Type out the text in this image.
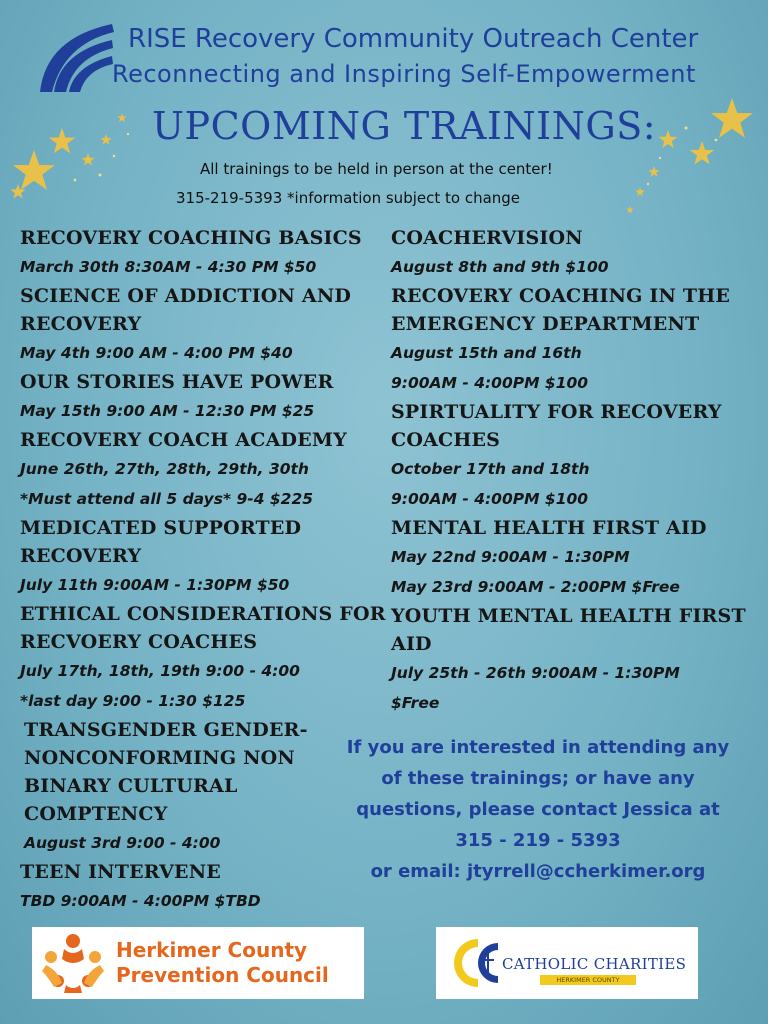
RISE Recovery Community Outreach Center
Reconnecting and Inspiring Self-Empowerment
UPCOMING TRAININGS:
All trainings to be held in person at the center!
315-219-5393 *information subject to change
RECOVERY COACHING BASICS
March 30th 8:30AM - 4:30 PM $50
SCIENCE OF ADDICTION AND RECOVERY
May 4th 9:00 AM - 4:00 PM $40
OUR STORIES HAVE POWER
May 15th 9:00 AM - 12:30 PM $25
RECOVERY COACH ACADEMY
June 26th, 27th, 28th, 29th, 30th
*Must attend all 5 days* 9-4 $225
MEDICATED SUPPORTED RECOVERY
July 11th 9:00AM - 1:30PM $50
ETHICAL CONSIDERATIONS FOR RECVOERY COACHES
July 17th, 18th, 19th 9:00 - 4:00
*last day 9:00 - 1:30 $125
TRANSGENDER GENDER-NONCONFORMING NON BINARY CULTURAL COMPTENCY
August 3rd 9:00 - 4:00
TEEN INTERVENE
TBD 9:00AM - 4:00PM $TBD
COACHERVISION
August 8th and 9th $100
RECOVERY COACHING IN THE EMERGENCY DEPARTMENT
August 15th and 16th
9:00AM - 4:00PM $100
SPIRTUALITY FOR RECOVERY COACHES
October 17th and 18th
9:00AM - 4:00PM $100
MENTAL HEALTH FIRST AID
May 22nd 9:00AM - 1:30PM
May 23rd 9:00AM - 2:00PM $Free
YOUTH MENTAL HEALTH FIRST AID
July 25th - 26th 9:00AM - 1:30PM
$Free
If you are interested in attending any of these trainings; or have any questions, please contact Jessica at
315 - 219 - 5393
or email: jtyrrell@ccherkimer.org
Herkimer County
Prevention Council	CATHOLIC CHARITIES
HERKIMER COUNTY
